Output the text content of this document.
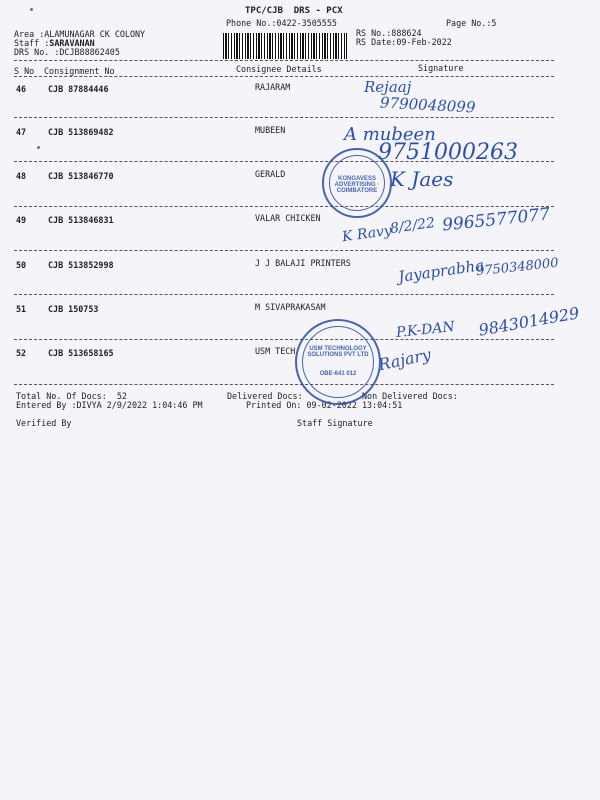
TPC/CJB  DRS - PCX
Phone No.:0422-3505555	Page No.:5
Area :ALAMUNAGAR CK COLONY
Staff :SARAVANAN
DRS No. :DCJB88862405
RS No.:888624
RS Date:09-Feb-2022
S No Consignment No	Consignee Details	Signature
46	CJB 87884446	RAJARAM
47	CJB 513869482	MUBEEN
48	CJB 513846770	GERALD
49	CJB 513846831	VALAR CHICKEN
50	CJB 513852998	J J BALAJI PRINTERS
51	CJB 150753	M SIVAPRAKASAM
52	CJB 513658165	USM TECH
Total No. Of Docs:  52	Delivered Docs:	Non Delivered Docs:
Entered By :DIVYA 2/9/2022 1:04:46 PM	Printed On: 09-02-2022 13:04:51
Verified By	Staff Signature
KONGAVESS ADVERTISING · COIMBATORE
USM TECHNOLOGY SOLUTIONS PVT LTD
OBE-641 012
Rejaaj
9790048099
A mubeen
9751000263
K Jaes
K Ravy
8/2/22 9965577077
Jayaprabha
9750348000
9843014929
P.K-DAN
Rajary
